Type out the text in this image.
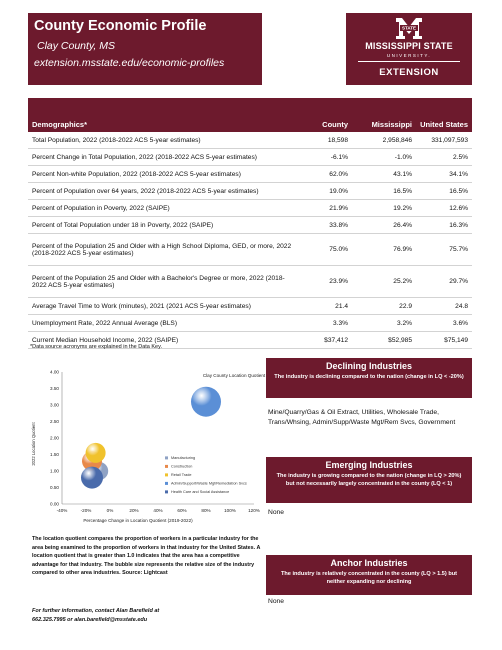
County Economic Profile
Clay County, MS
extension.msstate.edu/economic-profiles
STATE
MISSISSIPPI STATE
UNIVERSITY.
EXTENSION
Demographics*	County	Mississippi	United States
Total Population, 2022 (2018-2022 ACS 5-year estimates)	18,598	2,958,846	331,097,593
Percent Change in Total Population, 2022 (2018-2022 ACS 5-year estimates)	-6.1%	-1.0%	2.5%
Percent Non-white Population, 2022 (2018-2022 ACS 5-year estimates)	62.0%	43.1%	34.1%
Percent of Population over 64 years, 2022 (2018-2022 ACS 5-year estimates)	19.0%	16.5%	16.5%
Percent of Population in Poverty, 2022 (SAIPE)	21.9%	19.2%	12.6%
Percent of Total Population under 18 in Poverty, 2022 (SAIPE)	33.8%	26.4%	16.3%
Percent of the Population 25 and Older with a High School Diploma, GED, or more, 2022 (2018-2022 ACS 5-year estimates)	75.0%	76.9%	75.7%
Percent of the Population 25 and Older with a Bachelor's Degree or more, 2022 (2018-2022 ACS 5-year estimates)	23.9%	25.2%	29.7%
Average Travel Time to Work (minutes), 2021 (2021 ACS 5-year estimates)	21.4	22.9	24.8
Unemployment Rate, 2022 Annual Average (BLS)	3.3%	3.2%	3.6%
Current Median Household Income, 2022 (SAIPE)	$37,412	$52,985	$75,149
*Data source acronyms are explained in the Data Key.
-40%	-20%	0%	20%	40%	60%	80%	100%	120%
0.00
0.50
1.00
1.50
2.00
2.50
3.00
3.50
4.00
Manufacturing
Construction
Retail Trade
Admin/Support/Waste Mgt/Remediation Svcs
Health Care and Social Assistance
Clay County Location Quotient
Percentage Change in Location Quotient (2019-2022)
2022 Location Quotient
The location quotient compares the proportion of workers in a particular industry for the area being examined to the proportion of workers in that industry for the United States. A location quotient that is greater than 1.0 indicates that the area has a competitive advantage for that industry. The bubble size represents the relative size of the industry compared to other area industries. Source: Lightcast
For further information, contact Alan Barefield at
662.325.7995 or alan.barefield@msstate.edu
Declining Industries
The industry is declining compared to the nation (change in LQ < -20%)
Mine/Quarry/Gas & Oil Extract, Utilities, Wholesale Trade, Trans/Whsing, Admin/Supp/Waste Mgt/Rem Svcs, Government
Emerging Industries
The industry is growing compared to the nation (change in LQ > 20%) but not necessarily largely concentrated in the county (LQ < 1)
None
Anchor Industries
The industry is relatively concentrated in the county (LQ > 1.5) but neither expanding nor declining
None
